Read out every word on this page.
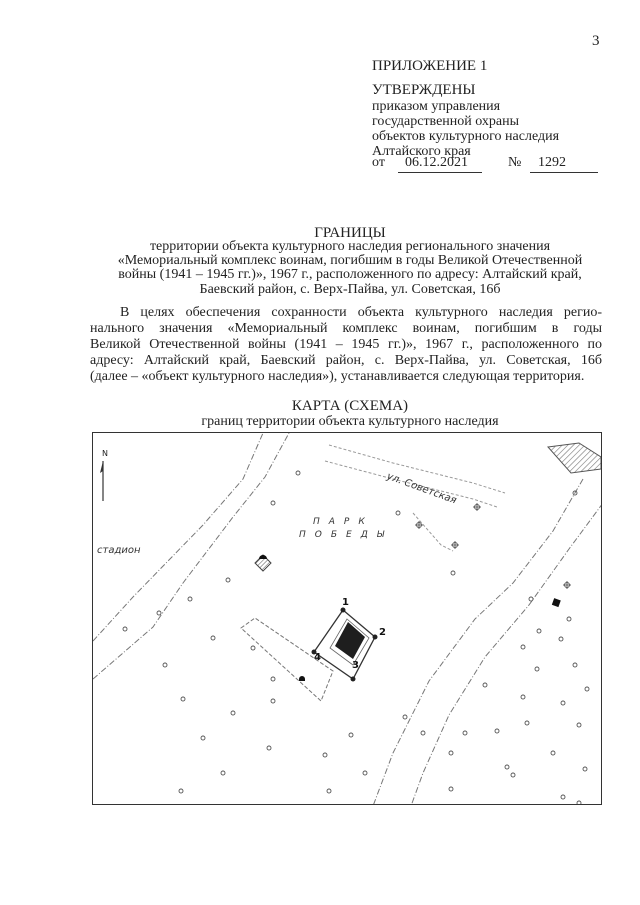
3
ПРИЛОЖЕНИЕ 1
УТВЕРЖДЕНЫ
приказом управления
государственной охраны
объектов культурного наследия
Алтайского края
от 06.12.2021	№ 1292
ГРАНИЦЫ
территории объекта культурного наследия регионального значения
«Мемориальный комплекс воинам, погибшим в годы Великой Отечественной
войны (1941 – 1945 гг.)», 1967 г., расположенного по адресу: Алтайский край,
Баевский район, с. Верх-Пайва, ул. Советская, 16б
В целях обеспечения сохранности объекта культурного наследия регио-
нального значения «Мемориальный комплекс воинам, погибшим в годы
Великой Отечественной войны (1941 – 1945 гг.)», 1967 г., расположенного по
адресу: Алтайский край, Баевский район, с. Верх-Пайва, ул. Советская, 16б
(далее – «объект культурного наследия»), устанавливается следующая территория.
КАРТА (СХЕМА)
границ территории объекта культурного наследия
N
ул. Советская
ПАРК
ПОБЕДЫ
стадион
1
2
3
4
